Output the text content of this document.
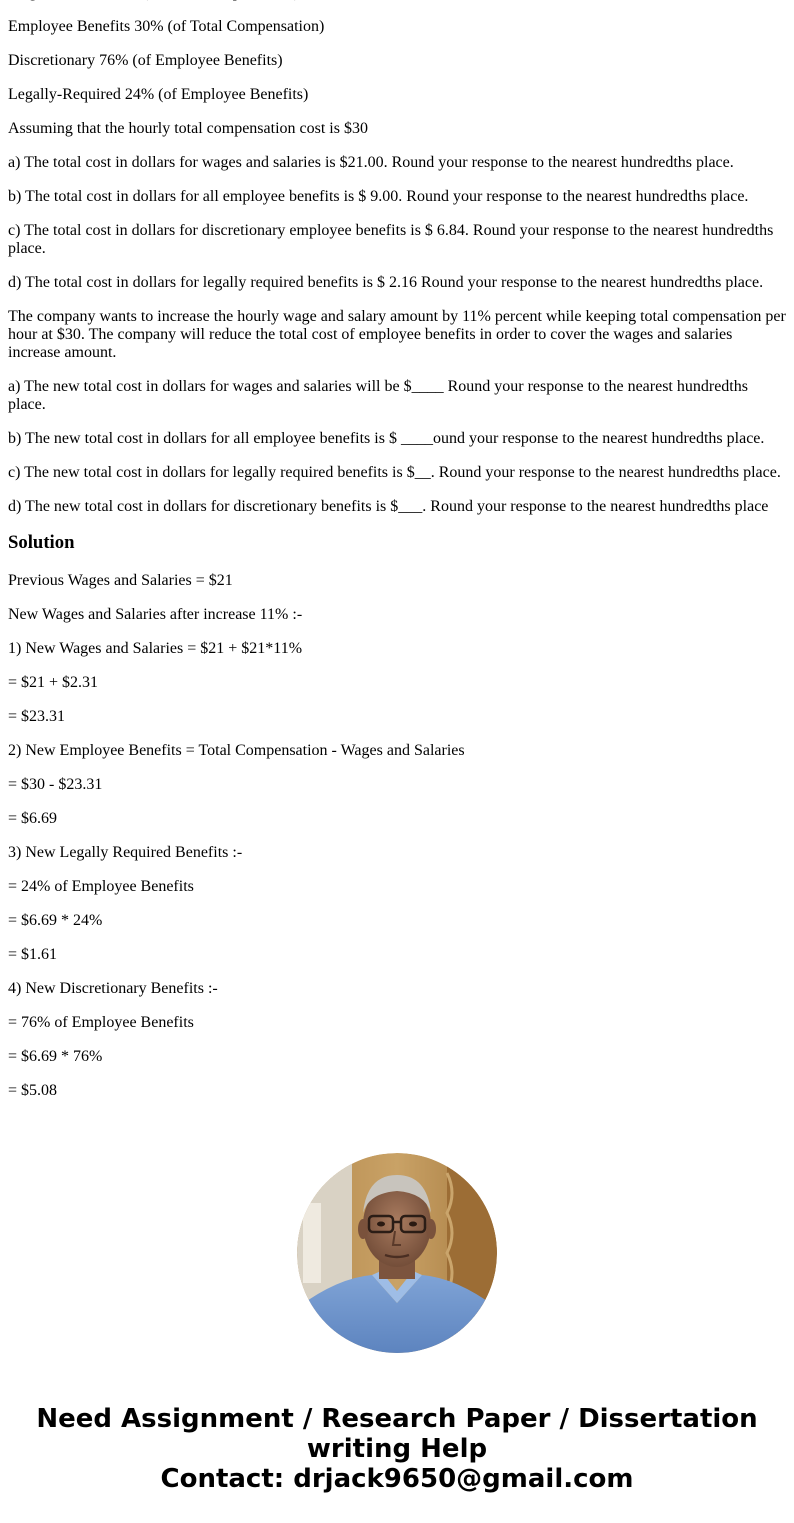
Employee Benefits 30% (of Total Compensation)

Discretionary 76% (of Employee Benefits)

Legally-Required 24% (of Employee Benefits)

Assuming that the hourly total compensation cost is $30

a) The total cost in dollars for wages and salaries is $21.00. Round your response to the nearest hundredths place.

b) The total cost in dollars for all employee benefits is $ 9.00. Round your response to the nearest hundredths place.

c) The total cost in dollars for discretionary employee benefits is $ 6.84. Round your response to the nearest hundredths place.

d) The total cost in dollars for legally required benefits is $ 2.16 Round your response to the nearest hundredths place.

The company wants to increase the hourly wage and salary amount by 11% percent while keeping total compensation per hour at $30. The company will reduce the total cost of employee benefits in order to cover the wages and salaries increase amount.

a) The new total cost in dollars for wages and salaries will be $____ Round your response to the nearest hundredths place.

b) The new total cost in dollars for all employee benefits is $ ____ound your response to the nearest hundredths place.

c) The new total cost in dollars for legally required benefits is $__. Round your response to the nearest hundredths place.

d) The new total cost in dollars for discretionary benefits is $___. Round your response to the nearest hundredths place

Solution

Previous Wages and Salaries = $21

New Wages and Salaries after increase 11% :-

1) New Wages and Salaries = $21 + $21*11%

= $21 + $2.31

= $23.31

2) New Employee Benefits = Total Compensation - Wages and Salaries

= $30 - $23.31

= $6.69

3) New Legally Required Benefits :-

= 24% of Employee Benefits

= $6.69 * 24%

= $1.61

4) New Discretionary Benefits :-

= 76% of Employee Benefits

= $6.69 * 76%

= $5.08

Need Assignment / Research Paper / Dissertation
writing Help
Contact: drjack9650@gmail.com
